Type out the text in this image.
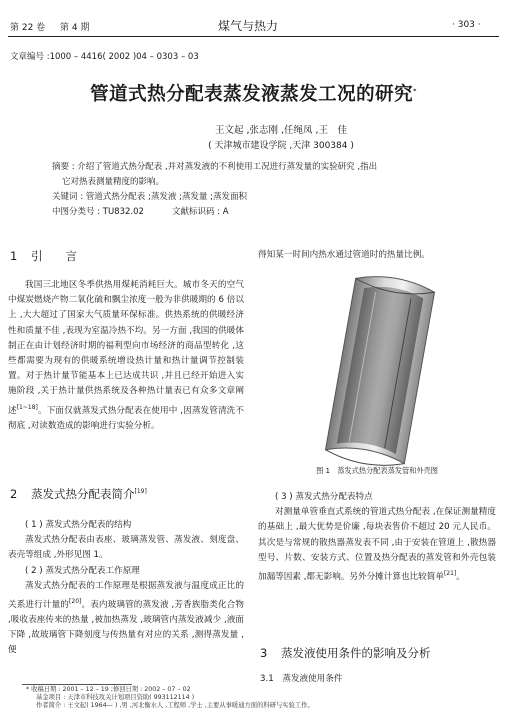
第 22 卷 第 4 期	煤气与热力	· 303 ·
文章编号 :1000 – 4416( 2002 )04 – 0303 – 03
管道式热分配表蒸发液蒸发工况的研究*
王文起 ,张志刚 ,任绳凤 ,王　佳
( 天津城市建设学院 ,天津 300384 )

摘要 : 介绍了管道式热分配表 ,并对蒸发液的不利使用工况进行蒸发量的实验研究 ,指出

它对热表测量精度的影响。

关键词 : 管道式热分配表 ;蒸发液 ;蒸发量 ;蒸发面积

中图分类号 : TU832.02	文献标识码 : A

1 引　　言

我国三北地区冬季供热用煤耗消耗巨大。城市冬天的空气中煤炭燃烧产物二氧化硫和飘尘浓度一般为非供暖期的 6 倍以上 ,大大超过了国家大气质量环保标准。供热系统的供暖经济性和质量不佳 ,表现为室温冷热不均。另一方面 ,我国的供暖体制正在由计划经济时期的福利型向市场经济的商品型转化 ,这些都需要为现有的供暖系统增设热计量和热计量调节控制装置。对于热计量节能基本上已达成共识 ,并且已经开始进入实施阶段 ,关于热计量供热系统及各种热计量表已有众多文章阐述[1~18]。下面仅就蒸发式热分配表在使用中 ,因蒸发管清洗不彻底 ,对读数造成的影响进行实验分析。

2 蒸发式热分配表简介[19]

( 1 ) 蒸发式热分配表的结构

蒸发式热分配表由表座、玻璃蒸发管、蒸发液、刻度盘、表壳等组成 ,外形见图 1。

( 2 ) 蒸发式热分配表工作原理

蒸发式热分配表的工作原理是根据蒸发液与温度成正比的关系进行计量的[20]。表内玻璃管的蒸发液 ,芳香族脂类化合物 ,吸收表座传来的热量 ,被加热蒸发 ,玻璃管内蒸发液减少 ,液面下降 ,故玻璃管下降刻度与传热量有对应的关系 ,测得蒸发量 ,便

得知某一时间内热水通过管道时的热量比例。
图 1　蒸发式热分配表蒸发管和外壳图

( 3 ) 蒸发式热分配表特点

对测量单管垂直式系统的管道式热分配表 ,在保证测量精度的基础上 ,最大优势是价廉 ,每块表售价不超过 20 元人民币。其次是与常规的散热器蒸发表不同 ,由于安装在管道上 ,散热器型号、片数、安装方式、位置及热分配表的蒸发管和外壳包装加漏等因素 ,都无影响。另外分摊计算也比较简单[21]。

3 蒸发液使用条件的影响及分析
3.1　蒸发液使用条件
* 收稿日期 : 2001 – 12 – 19 ;修回日期 : 2002 – 07 – 02
基金项目 : 天津市科技攻关计划项目资助( 993112114 )
作者简介 : 王文起( 1964— ) ,男 ,河北衡水人 ,工程师 ,学士 ,主要从事暖通方面的科研与实验工作。
